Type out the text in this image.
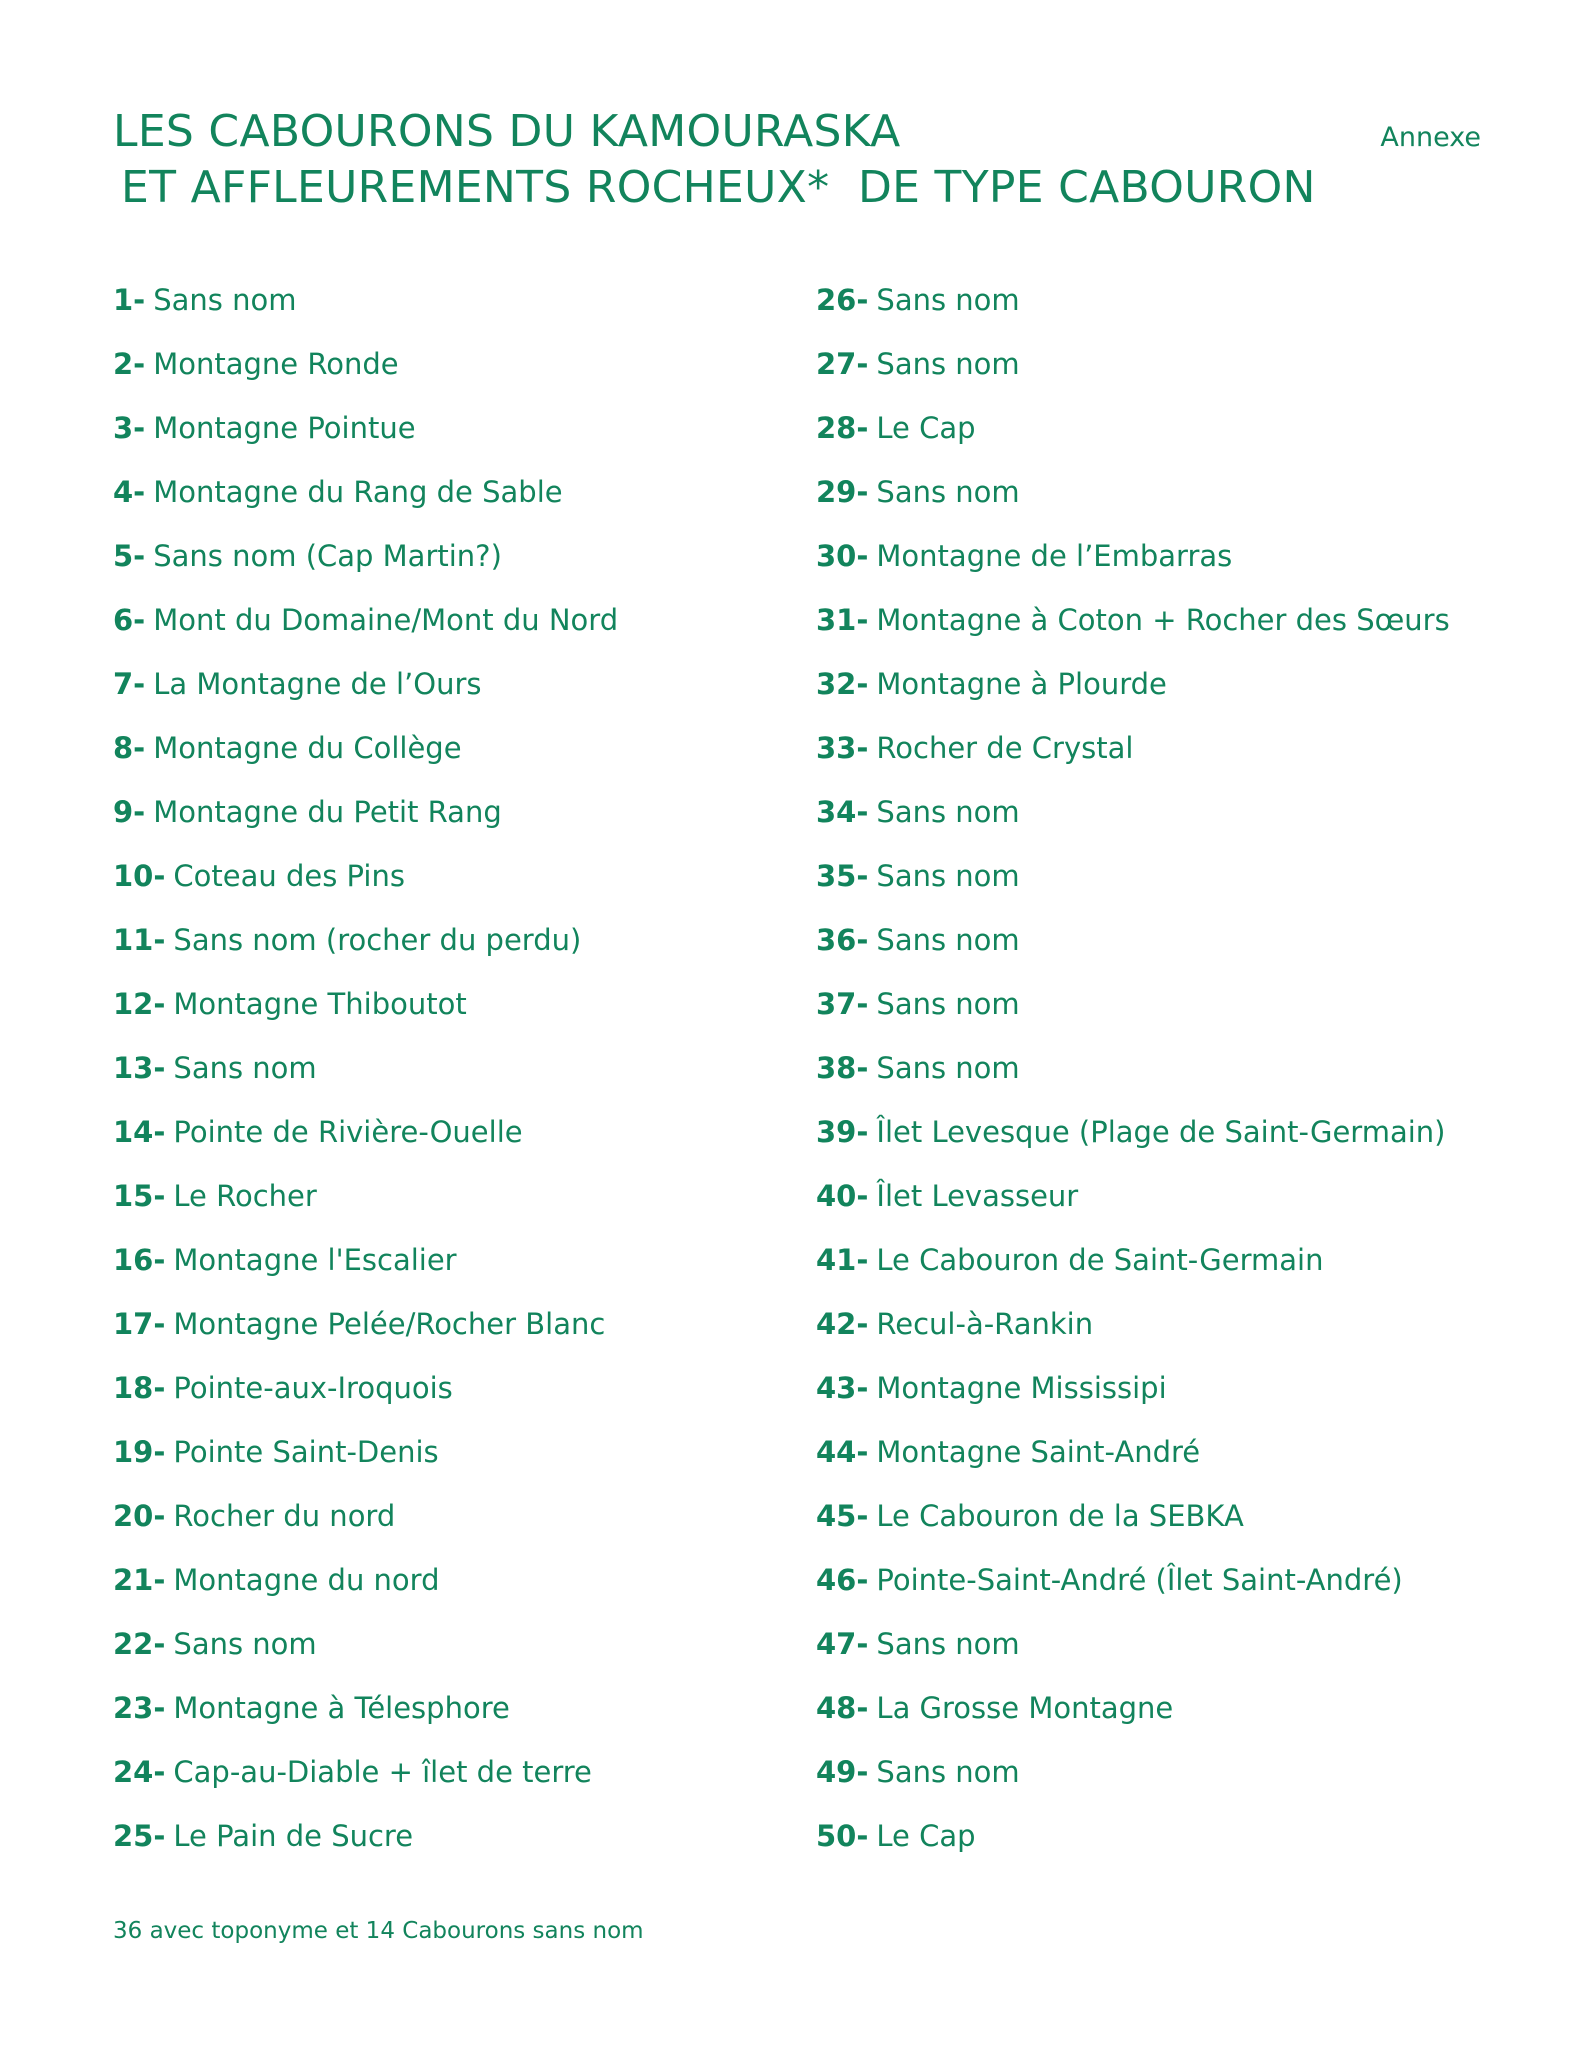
LES CABOURONS DU KAMOURASKA
ET AFFLEUREMENTS ROCHEUX*  DE TYPE CABOURON
Annexe
1- Sans nom
2- Montagne Ronde
3- Montagne Pointue
4- Montagne du Rang de Sable
5- Sans nom (Cap Martin?)
6- Mont du Domaine/Mont du Nord
7- La Montagne de l’Ours
8- Montagne du Collège
9- Montagne du Petit Rang
10- Coteau des Pins
11- Sans nom (rocher du perdu)
12- Montagne Thiboutot
13- Sans nom
14- Pointe de Rivière-Ouelle
15- Le Rocher
16- Montagne l'Escalier
17- Montagne Pelée/Rocher Blanc
18- Pointe-aux-Iroquois
19- Pointe Saint-Denis
20- Rocher du nord
21- Montagne du nord
22- Sans nom
23- Montagne à Télesphore
24- Cap-au-Diable + îlet de terre
25- Le Pain de Sucre
26- Sans nom
27- Sans nom
28- Le Cap
29- Sans nom
30- Montagne de l’Embarras
31- Montagne à Coton + Rocher des Sœurs
32- Montagne à Plourde
33- Rocher de Crystal
34- Sans nom
35- Sans nom
36- Sans nom
37- Sans nom
38- Sans nom
39- Îlet Levesque (Plage de Saint-Germain)
40- Îlet Levasseur
41- Le Cabouron de Saint-Germain
42- Recul-à-Rankin
43- Montagne Mississipi
44- Montagne Saint-André
45- Le Cabouron de la SEBKA
46- Pointe-Saint-André (Îlet Saint-André)
47- Sans nom
48- La Grosse Montagne
49- Sans nom
50- Le Cap
36 avec toponyme et 14 Cabourons sans nom
